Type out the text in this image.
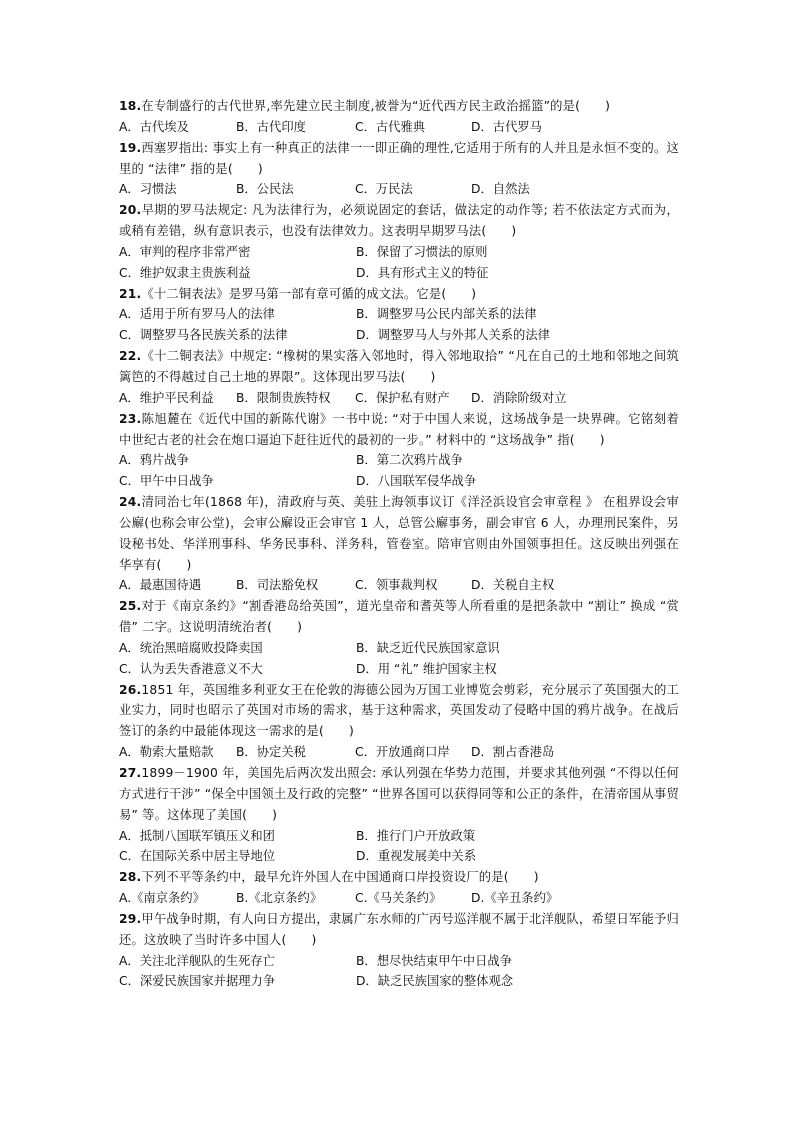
18.在专制盛行的古代世界,率先建立民主制度,被誉为“近代西方民主政治摇篮”的是(　　)
A．古代埃及	B．古代印度	C．古代雅典	D．古代罗马
19.西塞罗指出: 事实上有一种真正的法律一一即正确的理性,它适用于所有的人并且是永恒不变的。这里的 “法律” 指的是(　　)
A．习惯法	B．公民法	C．万民法	D．自然法
20.早期的罗马法规定: 凡为法律行为，必须说固定的套话，做法定的动作等; 若不依法定方式而为，或稍有差错，纵有意识表示，也没有法律效力。这表明早期罗马法(　　)
A．审判的程序非常严密	B．保留了习惯法的原则
C．维护奴隶主贵族利益	D．具有形式主义的特征
21.《十二铜表法》是罗马第一部有章可循的成文法。它是(　　)
A．适用于所有罗马人的法律	B．调整罗马公民内部关系的法律
C．调整罗马各民族关系的法律	D．调整罗马人与外邦人关系的法律
22.《十二铜表法》中规定: “橡树的果实落入邻地时，得入邻地取拾” “凡在自己的土地和邻地之间筑篱笆的不得越过自己土地的界限”。这体现出罗马法(　　)
A．维护平民利益	B．限制贵族特权	C．保护私有财产	D．消除阶级对立
23.陈旭麓在《近代中国的新陈代谢》一书中说: “对于中国人来说，这场战争是一块界碑。它铭刻着中世纪古老的社会在炮口逼迫下赶往近代的最初的一步。” 材料中的 “这场战争” 指(　　)
A．鸦片战争	B．第二次鸦片战争
C．甲午中日战争	D．八国联军侵华战争
24.清同治七年(1868 年)，清政府与英、美驻上海领事议订《洋泾浜设官会审章程 》 在租界设会审公廨(也称会审公堂)，会审公廨设正会审官 1 人，总管公廨事务，副会审官 6 人，办理刑民案件，另设秘书处、华洋刑事科、华务民事科、洋务科，管卷室。陪审官则由外国领事担任。这反映出列强在华享有(　　)
A．最惠国待遇	B．司法豁免权	C．领事裁判权	D．关税自主权
25.对于《南京条约》“割香港岛给英国”，道光皇帝和耆英等人所看重的是把条款中 “割让” 换成 “赏借” 二字。这说明清统治者(　　)
A．统治黑暗腐败投降卖国	B．缺乏近代民族国家意识
C．认为丢失香港意义不大	D．用 “礼” 维护国家主权
26.1851 年，英国维多利亚女王在伦敦的海德公园为万国工业博览会剪彩，充分展示了英国强大的工业实力，同时也昭示了英国对市场的需求，基于这种需求，英国发动了侵略中国的鸦片战争。在战后签订的条约中最能体现这一需求的是(　　)
A．勒索大量赔款	B．协定关税	C．开放通商口岸	D．割占香港岛
27.1899－1900 年，美国先后两次发出照会: 承认列强在华势力范围，并要求其他列强 “不得以任何方式进行干涉” “保全中国领土及行政的完整” “世界各国可以获得同等和公正的条件，在清帝国从事贸易” 等。这体现了美国(　　)
A．抵制八国联军镇压义和团	B．推行门户开放政策
C．在国际关系中居主导地位	D．重视发展美中关系
28.下列不平等条约中，最早允许外国人在中国通商口岸投资设厂的是(　　)
A.《南京条约》	B.《北京条约》	C.《马关条约》	D.《辛丑条约》
29.甲午战争时期，有人向日方提出，隶属广东水师的广丙号巡洋舰不属于北洋舰队，希望日军能予归还。这放映了当时许多中国人(　　)
A．关注北洋舰队的生死存亡	B．想尽快结束甲午中日战争
C．深爱民族国家并据理力争	D．缺乏民族国家的整体观念
